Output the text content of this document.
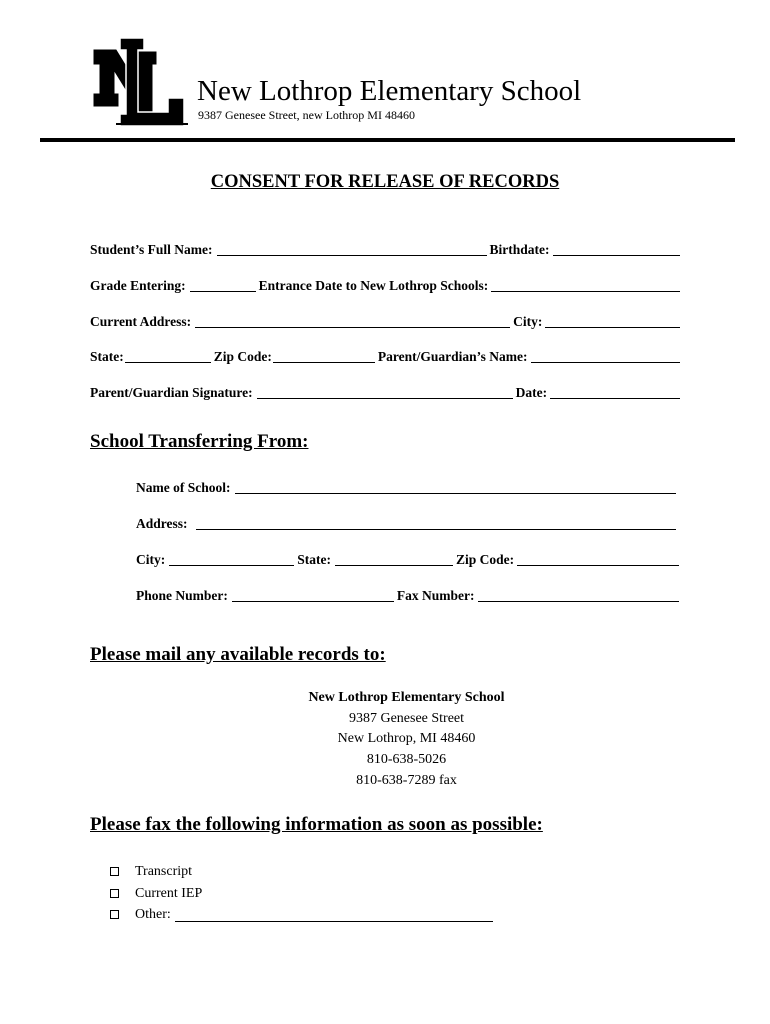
New Lothrop Elementary School
9387 Genesee Street, new Lothrop MI 48460
CONSENT FOR RELEASE OF RECORDS
Student’s Full Name:	Birthdate:
Grade Entering:	Entrance Date to New Lothrop Schools:
Current Address:	City:
State:	Zip Code:	Parent/Guardian’s Name:
Parent/Guardian Signature:	Date:
School Transferring From:
Name of School:
Address:
City:	State:	Zip Code:
Phone Number:	Fax Number:
Please mail any available records to:
New Lothrop Elementary School
9387 Genesee Street
New Lothrop, MI 48460
810-638-5026
810-638-7289 fax
Please fax the following information as soon as possible:
Transcript
Current IEP
Other:
